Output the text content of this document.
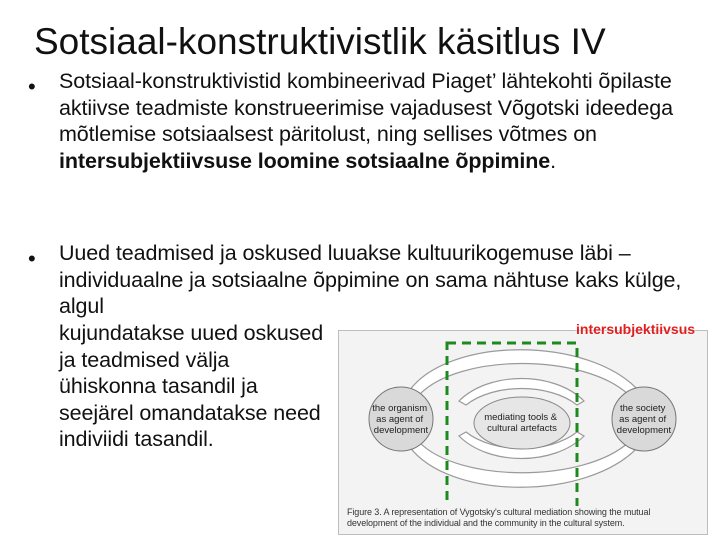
Sotsiaal-konstruktivistlik käsitlus IV
• Sotsiaal-konstruktivistid kombineerivad Piaget’ lähtekohti õpilaste aktiivse teadmiste konstrueerimise vajadusest Võgotski ideedega mõtlemise sotsiaalsest päritolust, ning sellises võtmes on intersubjektiivsuse loomine sotsiaalne õppimine.
• Uued teadmised ja oskused luuakse kultuurikogemuse läbi – individuaalne ja sotsiaalne õppimine on sama nähtuse kaks külge, algul
kujundatakse uued oskused ja teadmised välja ühiskonna tasandil ja seejärel omandatakse need indiviidi tasandil.
the organism as agent of development
mediating tools & cultural artefacts
the society as agent of development
Figure 3. A representation of Vygotsky's cultural mediation showing the mutual development of the individual and the community in the cultural system.
intersubjektiivsus
